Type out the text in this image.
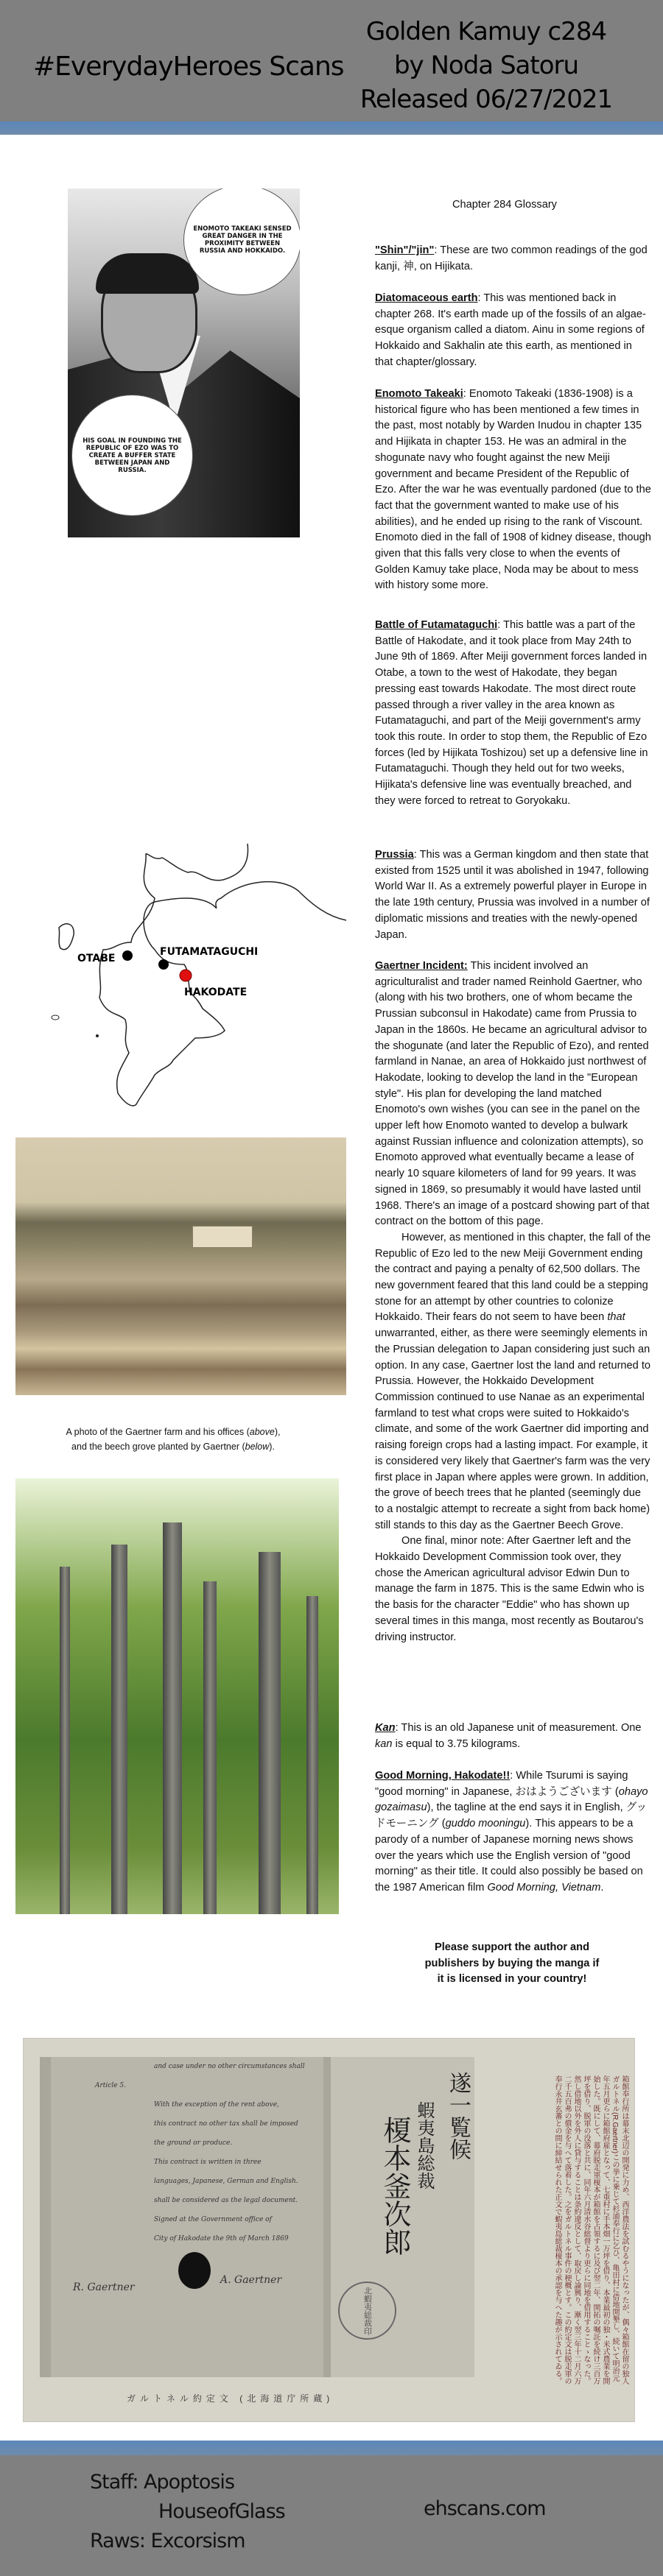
#EverydayHeroes Scans
Golden Kamuy c284
by Noda Satoru
Released 06/27/2021
ENOMOTO TAKEAKI SENSED GREAT DANGER IN THE PROXIMITY BETWEEN RUSSIA AND HOKKAIDO.
HIS GOAL IN FOUNDING THE REPUBLIC OF EZO WAS TO CREATE A BUFFER STATE BETWEEN JAPAN AND RUSSIA.
OTABE
FUTAMATAGUCHI
HAKODATE
A photo of the Gaertner farm and his offices (above),
and the beech grove planted by Gaertner (below).
Chapter 284 Glossary

"Shin"/"jin": These are two common readings of the god kanji, 神, on Hijikata.

Diatomaceous earth: This was mentioned back in chapter 268. It's earth made up of the fossils of an algae-esque organism called a diatom. Ainu in some regions of Hokkaido and Sakhalin ate this earth, as mentioned in that chapter/glossary.

Enomoto Takeaki: Enomoto Takeaki (1836-1908) is a historical figure who has been mentioned a few times in the past, most notably by Warden Inudou in chapter 135 and Hijikata in chapter 153. He was an admiral in the shogunate navy who fought against the new Meiji government and became President of the Republic of Ezo. After the war he was eventually pardoned (due to the fact that the government wanted to make use of his abilities), and he ended up rising to the rank of Viscount. Enomoto died in the fall of 1908 of kidney disease, though given that this falls very close to when the events of Golden Kamuy take place, Noda may be about to mess with history some more.

Battle of Futamataguchi: This battle was a part of the Battle of Hakodate, and it took place from May 24th to June 9th of 1869. After Meiji government forces landed in Otabe, a town to the west of Hakodate, they began pressing east towards Hakodate. The most direct route passed through a river valley in the area known as Futamataguchi, and part of the Meiji government's army took this route. In order to stop them, the Republic of Ezo forces (led by Hijikata Toshizou) set up a defensive line in Futamataguchi. Though they held out for two weeks, Hijikata's defensive line was eventually breached, and they were forced to retreat to Goryokaku.

Prussia: This was a German kingdom and then state that existed from 1525 until it was abolished in 1947, following World War II. As a extremely powerful player in Europe in the late 19th century, Prussia was involved in a number of diplomatic missions and treaties with the newly-opened Japan.

Gaertner Incident: This incident involved an agriculturalist and trader named Reinhold Gaertner, who (along with his two brothers, one of whom became the Prussian subconsul in Hakodate) came from Prussia to Japan in the 1860s. He became an agricultural advisor to the shogunate (and later the Republic of Ezo), and rented farmland in Nanae, an area of Hokkaido just northwest of Hakodate, looking to develop the land in the "European style". His plan for developing the land matched Enomoto's own wishes (you can see in the panel on the upper left how Enomoto wanted to develop a bulwark against Russian influence and colonization attempts), so Enomoto approved what eventually became a lease of nearly 10 square kilometers of land for 99 years. It was signed in 1869, so presumably it would have lasted until 1968. There's an image of a postcard showing part of that contract on the bottom of this page.

However, as mentioned in this chapter, the fall of the Republic of Ezo led to the new Meiji Government ending the contract and paying a penalty of 62,500 dollars. The new government feared that this land could be a stepping stone for an attempt by other countries to colonize Hokkaido. Their fears do not seem to have been that unwarranted, either, as there were seemingly elements in the Prussian delegation to Japan considering just such an option. In any case, Gaertner lost the land and returned to Prussia. However, the Hokkaido Development Commission continued to use Nanae as an experimental farmland to test what crops were suited to Hokkaido's climate, and some of the work Gaertner did importing and raising foreign crops had a lasting impact. For example, it is considered very likely that Gaertner's farm was the very first place in Japan where apples were grown. In addition, the grove of beech trees that he planted (seemingly due to a nostalgic attempt to recreate a sight from back home) still stands to this day as the Gaertner Beech Grove.

One final, minor note: After Gaertner left and the Hokkaido Development Commission took over, they chose the American agricultural advisor Edwin Dun to manage the farm in 1875. This is the same Edwin who is the basis for the character "Eddie" who has shown up several times in this manga, most recently as Boutarou's driving instructor.

Kan: This is an old Japanese unit of measurement. One kan is equal to 3.75 kilograms.

Good Morning, Hakodate!!: While Tsurumi is saying "good morning" in Japanese, おはようございます (ohayo gozaimasu), the tagline at the end says it in English, グッドモーニング (guddo mooningu). This appears to be a parody of a number of Japanese morning news shows over the years which use the English version of "good morning" as their title. It could also possibly be based on the 1987 American film Good Morning, Vietnam.

Please support the author and
publishers by buying the manga if
it is licensed in your country!
and case under no other circumstances shall
Article 5.
With the exception of the rent above,
this contract no other tax shall be imposed
the ground or produce.
This contract is written in three
languages, Japanese, German and English.
shall be considered as the legal document.
Signed at the Government office of
City of Hakodate the 9th of March 1869
R. Gaertner
A. Gaertner
遂一覧候
蝦夷島総裁
榎本釜次郎
北蝦夷総裁印	箱館奉行所は幕末北辺の開発に力め、西洋農法を試むるやうになったが、偶々箱館在留の独人ガルトネル(R.Gaertner)この挙に乗じて杉浦奉行に乞ひ、亀田村に借地開墾し、続いて明治元年五月更らに箱館府雇となって、七重村に手本畑一万坪を借り、本業最初の独・米式農業を開始した。既にして、幕府脱走軍榎本が箱館を占領するに及び翌二年、開拓の嘱託を続け三百万坪を借り、脱軍の没落と共に、同年六月清水谷総督より更らに同地を借用することゝなった。然し借地以外を外人に貸与することは条約違反として、取戻し論興り、漸く翌三年十二月六万二千五百弗の償金を与へて落着した。之をガルトネル事件の梗概とす。この約定文は脱走軍の奉行永井玄蕃との間に締結せられた正文で蝦夷島総裁榎本の承認を与へた趣が示されてゐる。
ガルトネル約定文 (北海道庁所蔵)
Staff: Apoptosis
HouseofGlass
Raws: Excorsism
ehscans.com
